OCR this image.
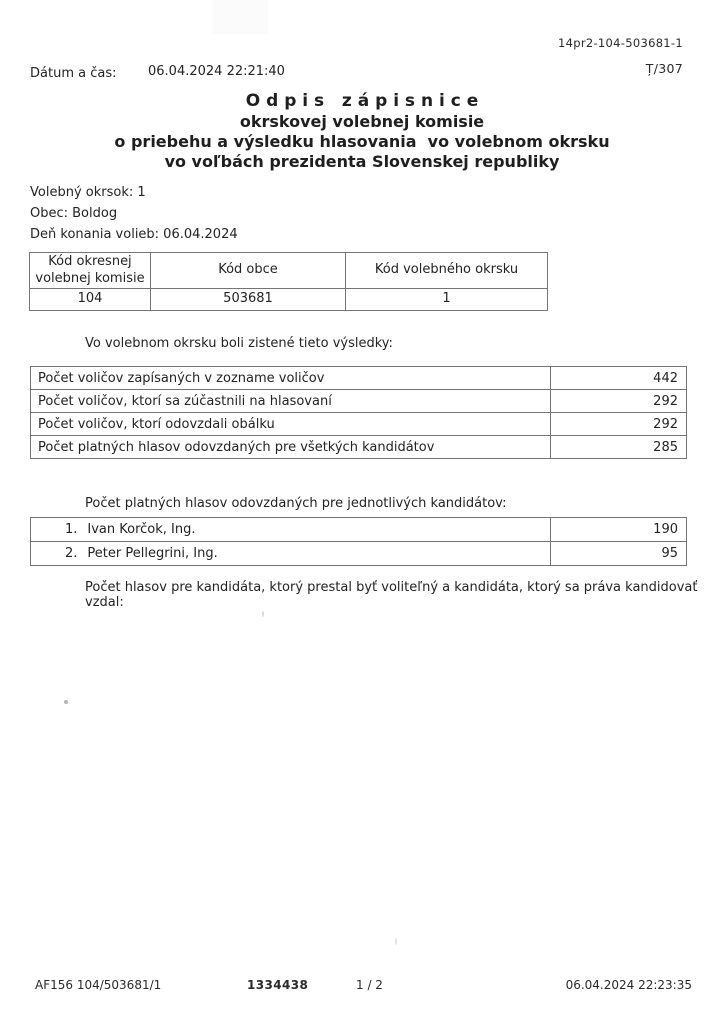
14pr2-104-503681-1
Ț/307
Dátum a čas: 06.04.2024 22:21:40
O d p i s   z á p i s n i c e
okrskovej volebnej komisie
o priebehu a výsledku hlasovania  vo volebnom okrsku
vo voľbách prezidenta Slovenskej republiky
Volebný okrsok: 1
Obec: Boldog
Deň konania volieb: 06.04.2024
Kód okresnej volebnej komisie	Kód obce	Kód volebného okrsku
104	503681	1
Vo volebnom okrsku boli zistené tieto výsledky:
Počet voličov zapísaných v zozname voličov	442
Počet voličov, ktorí sa zúčastnili na hlasovaní	292
Počet voličov, ktorí odovzdali obálku	292
Počet platných hlasov odovzdaných pre všetkých kandidátov	285
Počet platných hlasov odovzdaných pre jednotlivých kandidátov:
1. Ivan Korčok, Ing.	190
2. Peter Pellegrini, Ing.	95
Počet hlasov pre kandidáta, ktorý prestal byť voliteľný a kandidáta, ktorý sa práva kandidovať vzdal:
AF156 104/503681/1	1334438	1 / 2	06.04.2024 22:23:35
